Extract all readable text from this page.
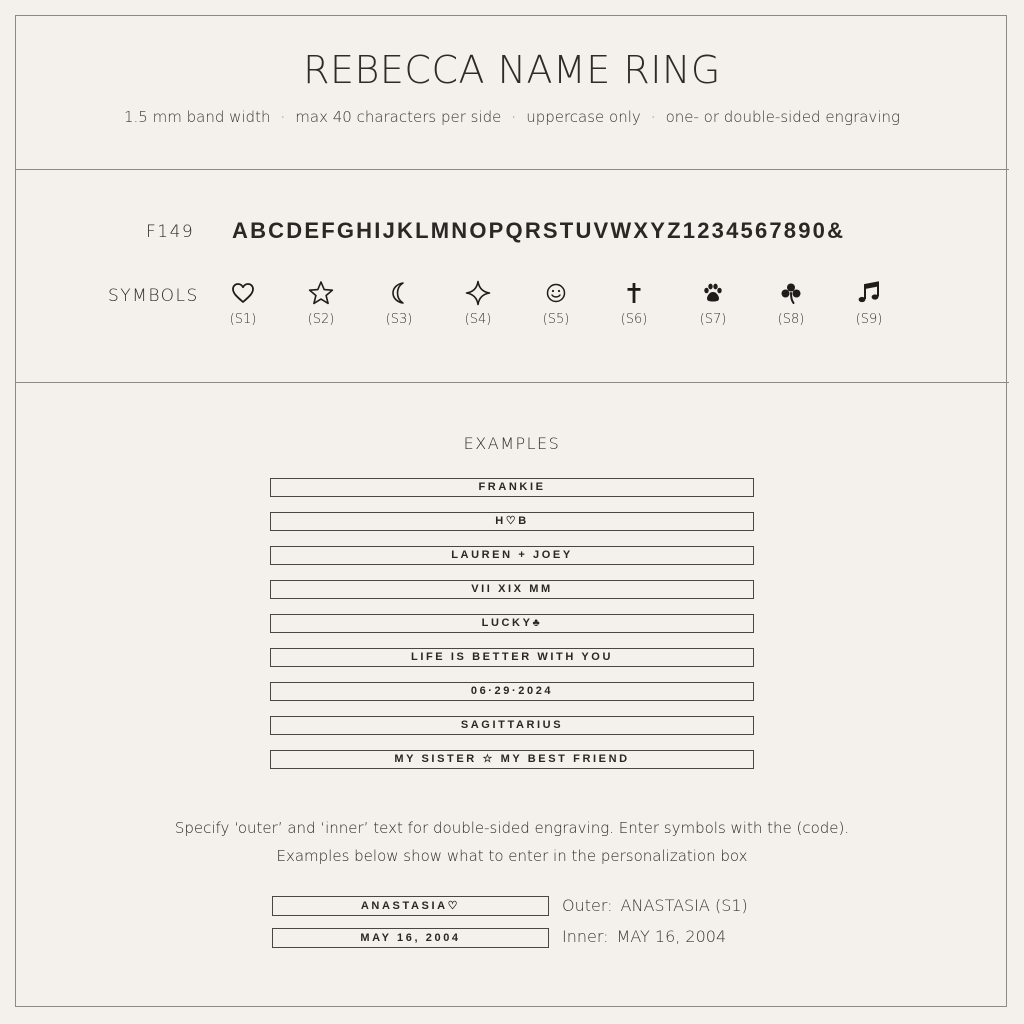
REBECCA NAME RING
1.5 mm band width · max 40 characters per side · uppercase only · one- or double-sided engraving
F149 ABCDEFGHIJKLMNOPQRSTUVWXYZ1234567890&
SYMBOLS
(S1)	(S2)	(S3)	(S4)	(S5)	(S6)	(S7)	(S8)	(S9)
EXAMPLES
FRANKIE
H♡B
LAUREN + JOEY
VII XIX MM
LUCKY♣
LIFE IS BETTER WITH YOU
06·29·2024
SAGITTARIUS
MY SISTER ☆ MY BEST FRIEND
Specify ‘outer’ and ‘inner’ text for double-sided engraving. Enter symbols with the (code).
Examples below show what to enter in the personalization box
ANASTASIA♡	Outer: ANASTASIA (S1)
MAY 16, 2004	Inner: MAY 16, 2004
